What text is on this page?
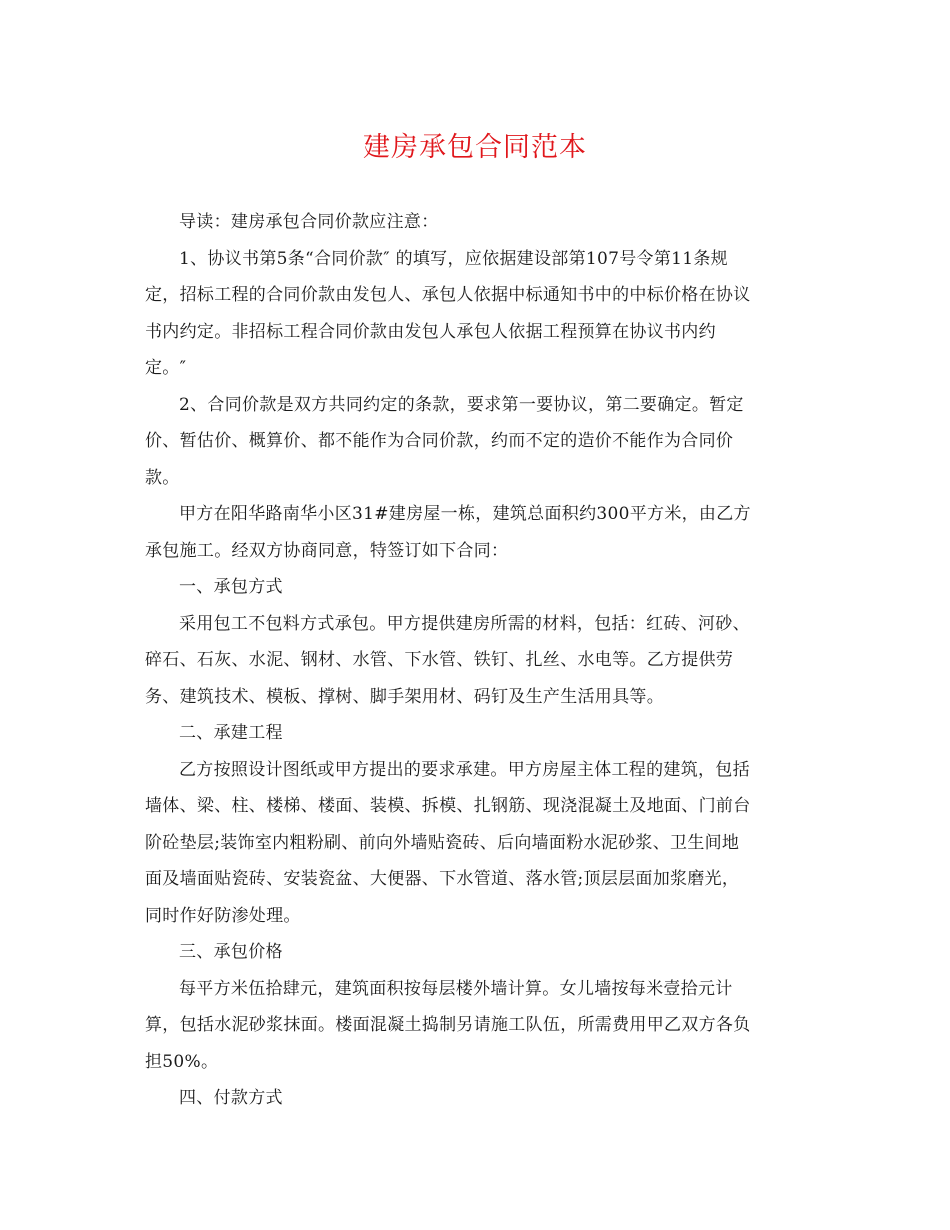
建房承包合同范本
导读：建房承包合同价款应注意：
1、协议书第5条“合同价款″ 的填写，应依据建设部第107号令第11条规
定，招标工程的合同价款由发包人、承包人依据中标通知书中的中标价格在协议
书内约定。非招标工程合同价款由发包人承包人依据工程预算在协议书内约
定。″
2、合同价款是双方共同约定的条款，要求第一要协议，第二要确定。暂定
价、暂估价、概算价、都不能作为合同价款，约而不定的造价不能作为合同价
款。
甲方在阳华路南华小区31#建房屋一栋，建筑总面积约300平方米，由乙方
承包施工。经双方协商同意，特签订如下合同：
一、承包方式
采用包工不包料方式承包。甲方提供建房所需的材料，包括：红砖、河砂、
碎石、石灰、水泥、钢材、水管、下水管、铁钉、扎丝、水电等。乙方提供劳
务、建筑技术、模板、撑树、脚手架用材、码钉及生产生活用具等。
二、承建工程
乙方按照设计图纸或甲方提出的要求承建。甲方房屋主体工程的建筑，包括
墙体、梁、柱、楼梯、楼面、装模、拆模、扎钢筋、现浇混凝土及地面、门前台
阶砼垫层;装饰室内粗粉刷、前向外墙贴瓷砖、后向墙面粉水泥砂浆、卫生间地
面及墙面贴瓷砖、安装瓷盆、大便器、下水管道、落水管;顶层层面加浆磨光，
同时作好防渗处理。
三、承包价格
每平方米伍拾肆元，建筑面积按每层楼外墙计算。女儿墙按每米壹拾元计
算，包括水泥砂浆抹面。楼面混凝土捣制另请施工队伍，所需费用甲乙双方各负
担50%。
四、付款方式
